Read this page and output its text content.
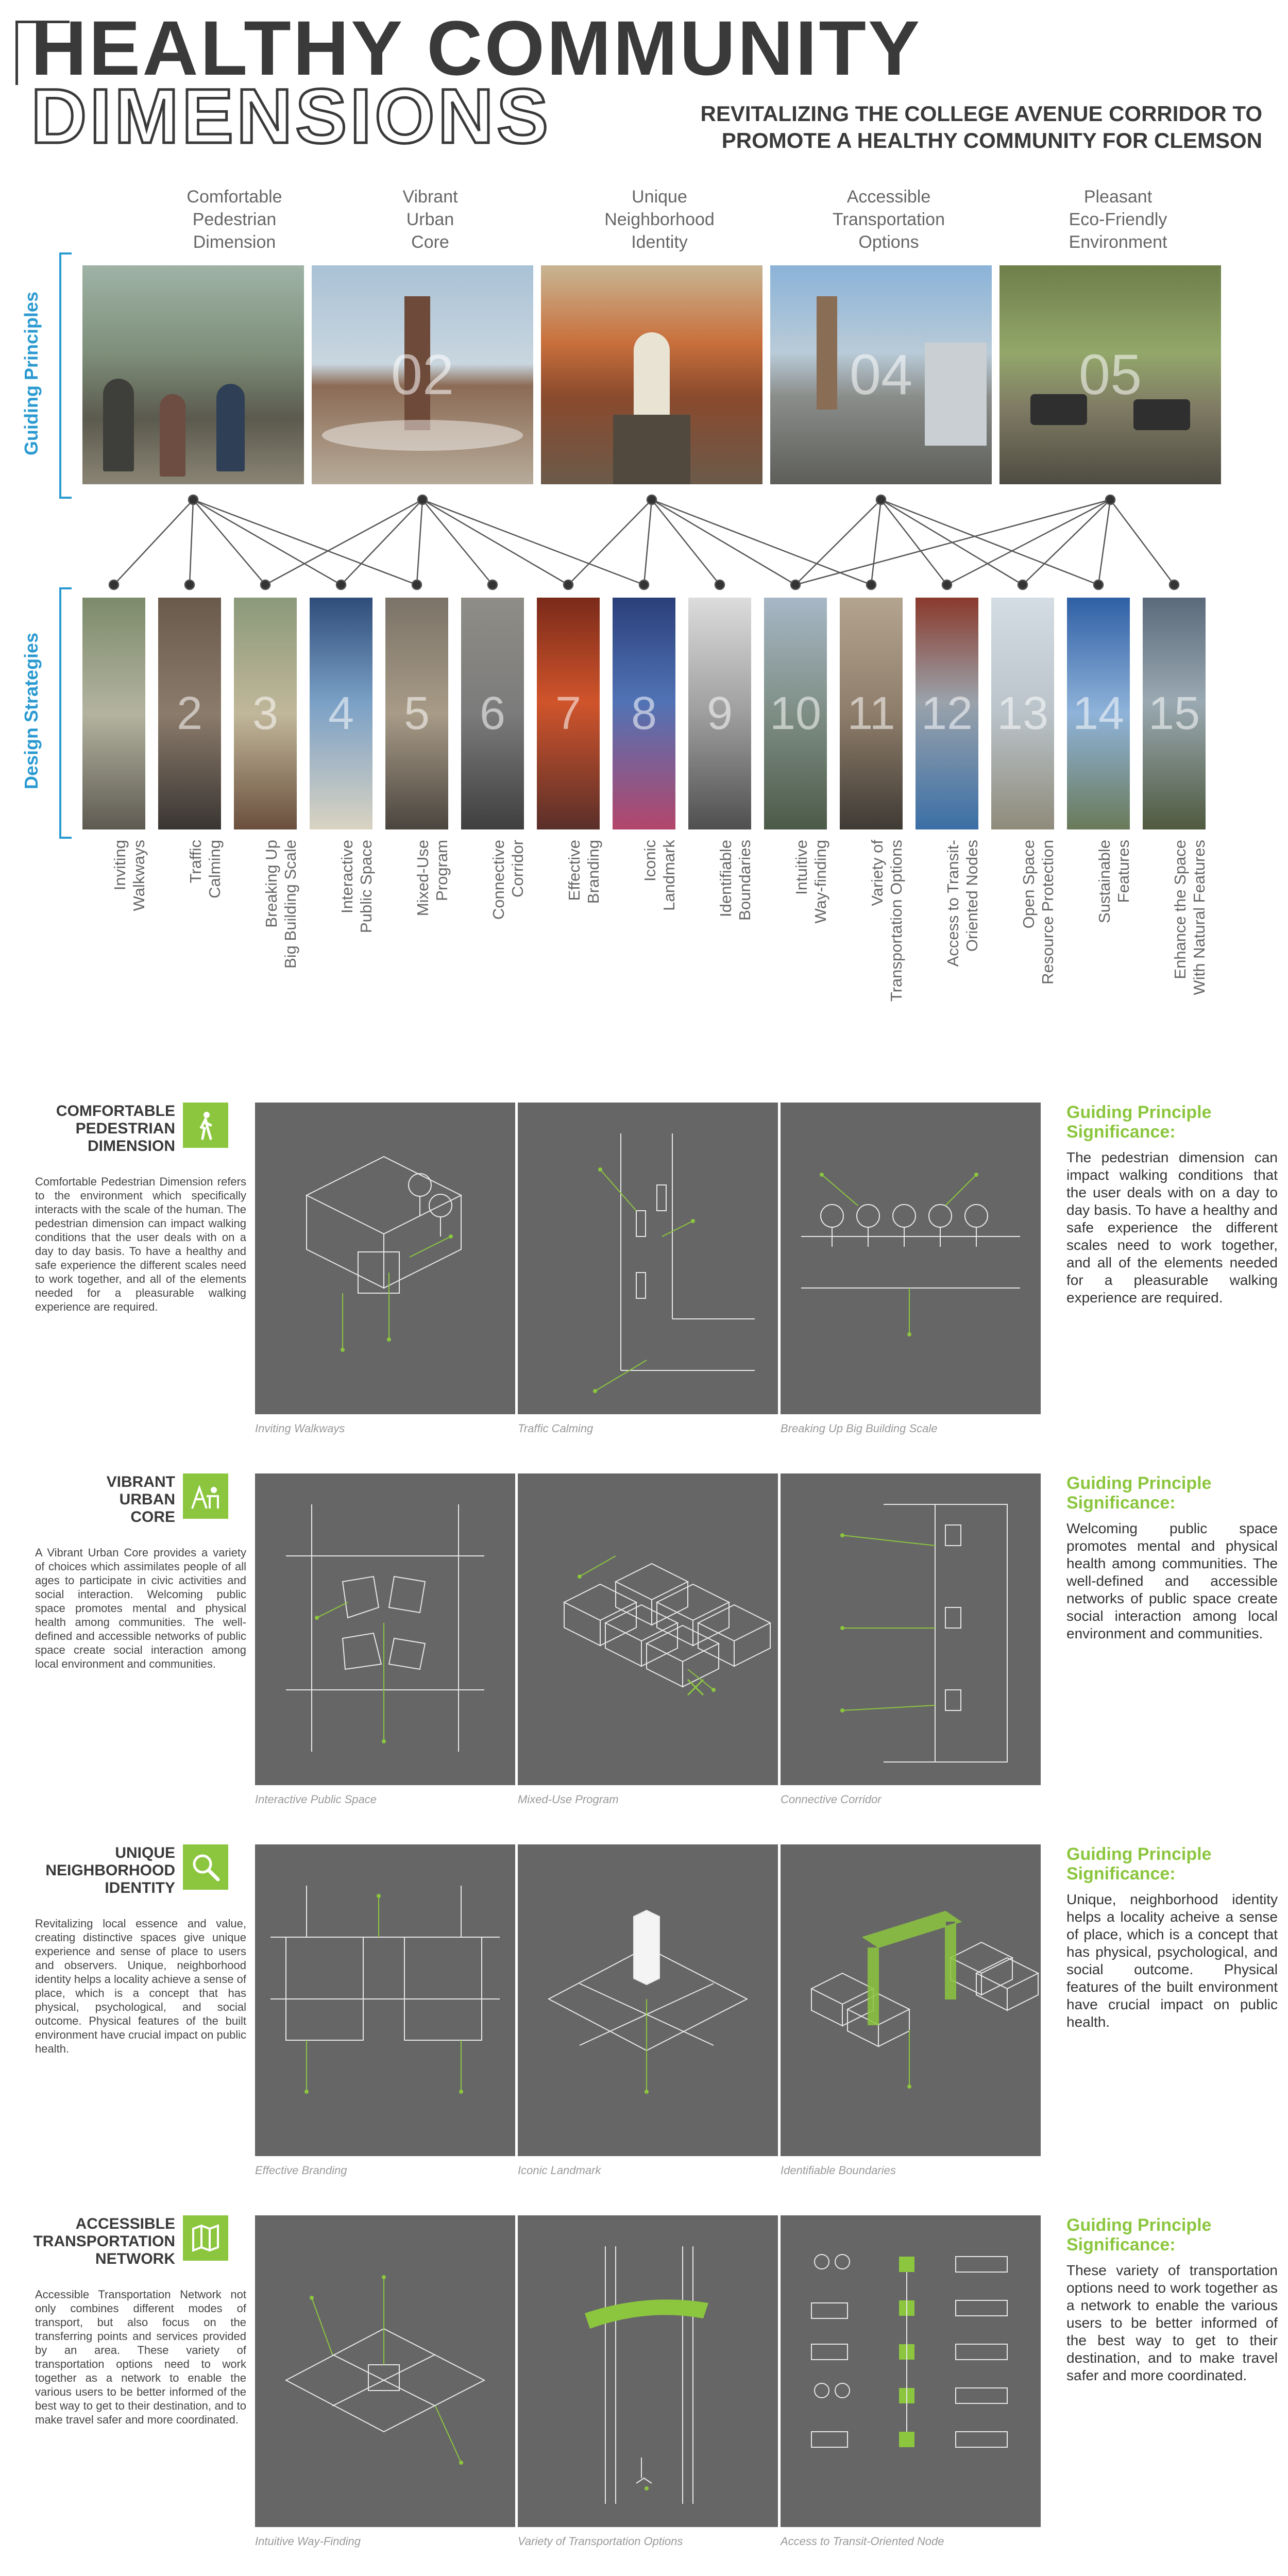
HEALTHY COMMUNITY
DIMENSIONS	REVITALIZING THE COLLEGE AVENUE CORRIDOR TO
PROMOTE A HEALTHY COMMUNITY FOR CLEMSON
Guiding Principles
Comfortable
Pedestrian
Dimension
Vibrant
Urban
Core
Unique
Neighborhood
Identity
Accessible
Transportation
Options
Pleasant
Eco-Friendly
Environment
02	04	05
Design Strategies	2	3	4	5	6	7	8	9 10 11 12 13 14 15
Inviting
Walkways Traffic
Calming Breaking Up
Big Building Scale Interactive
Public Space Mixed-Use
Program Connective
Corridor Effective
Branding Iconic
Landmark Identifiable
Boundaries Intuitive
Way-finding Variety of
Transportation Options
Access to Transit-
Oriented Nodes
Open Space
Resource Protection Sustainable
Features
Enhance the Space
With Natural Features
COMFORTABLE
PEDESTRIAN
DIMENSION
Comfortable Pedestrian Dimension refers to the environment which specifically interacts with the scale of the human. The pedestrian dimension can impact walking conditions that the user deals with on a day to day basis. To have a healthy and safe experience the different scales need to work together, and all of the elements needed for a pleasurable walking experience are required.
Inviting Walkways	Traffic Calming	Breaking Up Big Building Scale
Guiding Principle
Significance:
The pedestrian dimension can impact walking conditions that the user deals with on a day to day basis. To have a healthy and safe experience the different scales need to work together, and all of the elements needed for a pleasurable walking experience are required.
VIBRANT
URBAN
CORE
A Vibrant Urban Core provides a variety of choices which assimilates people of all ages to participate in civic activities and social interaction. Welcoming public space promotes mental and physical health among communities. The well-defined and accessible networks of public space create social interaction among local environment and communities.
Interactive Public Space	Mixed-Use Program	Connective Corridor
Guiding Principle
Significance:
Welcoming public space promotes mental and physical health among communities. The well-defined and accessible networks of public space create social interaction among local environment and communities.
UNIQUE
NEIGHBORHOOD
IDENTITY
Revitalizing local essence and value, creating distinctive spaces give unique experience and sense of place to users and observers. Unique, neighborhood identity helps a locality achieve a sense of place, which is a concept that has physical, psychological, and social outcome. Physical features of the built environment have crucial impact on public health.
Effective Branding	Iconic Landmark	Identifiable Boundaries
Guiding Principle
Significance:
Unique, neighborhood identity helps a locality acheive a sense of place, which is a concept that has physical, psychological, and social outcome. Physical features of the built environment have crucial impact on public health.
ACCESSIBLE
TRANSPORTATION
NETWORK
Accessible Transportation Network not only combines different modes of transport, but also focus on the transferring points and services provided by an area. These variety of transportation options need to work together as a network to enable the various users to be better informed of the best way to get to their destination, and to make travel safer and more coordinated.
Intuitive Way-Finding	Variety of Transportation Options	Access to Transit-Oriented Node
Guiding Principle
Significance:
These variety of transportation options need to work together as a network to enable the various users to be better informed of the best way to get to their destination, and to make travel safer and more coordinated.
